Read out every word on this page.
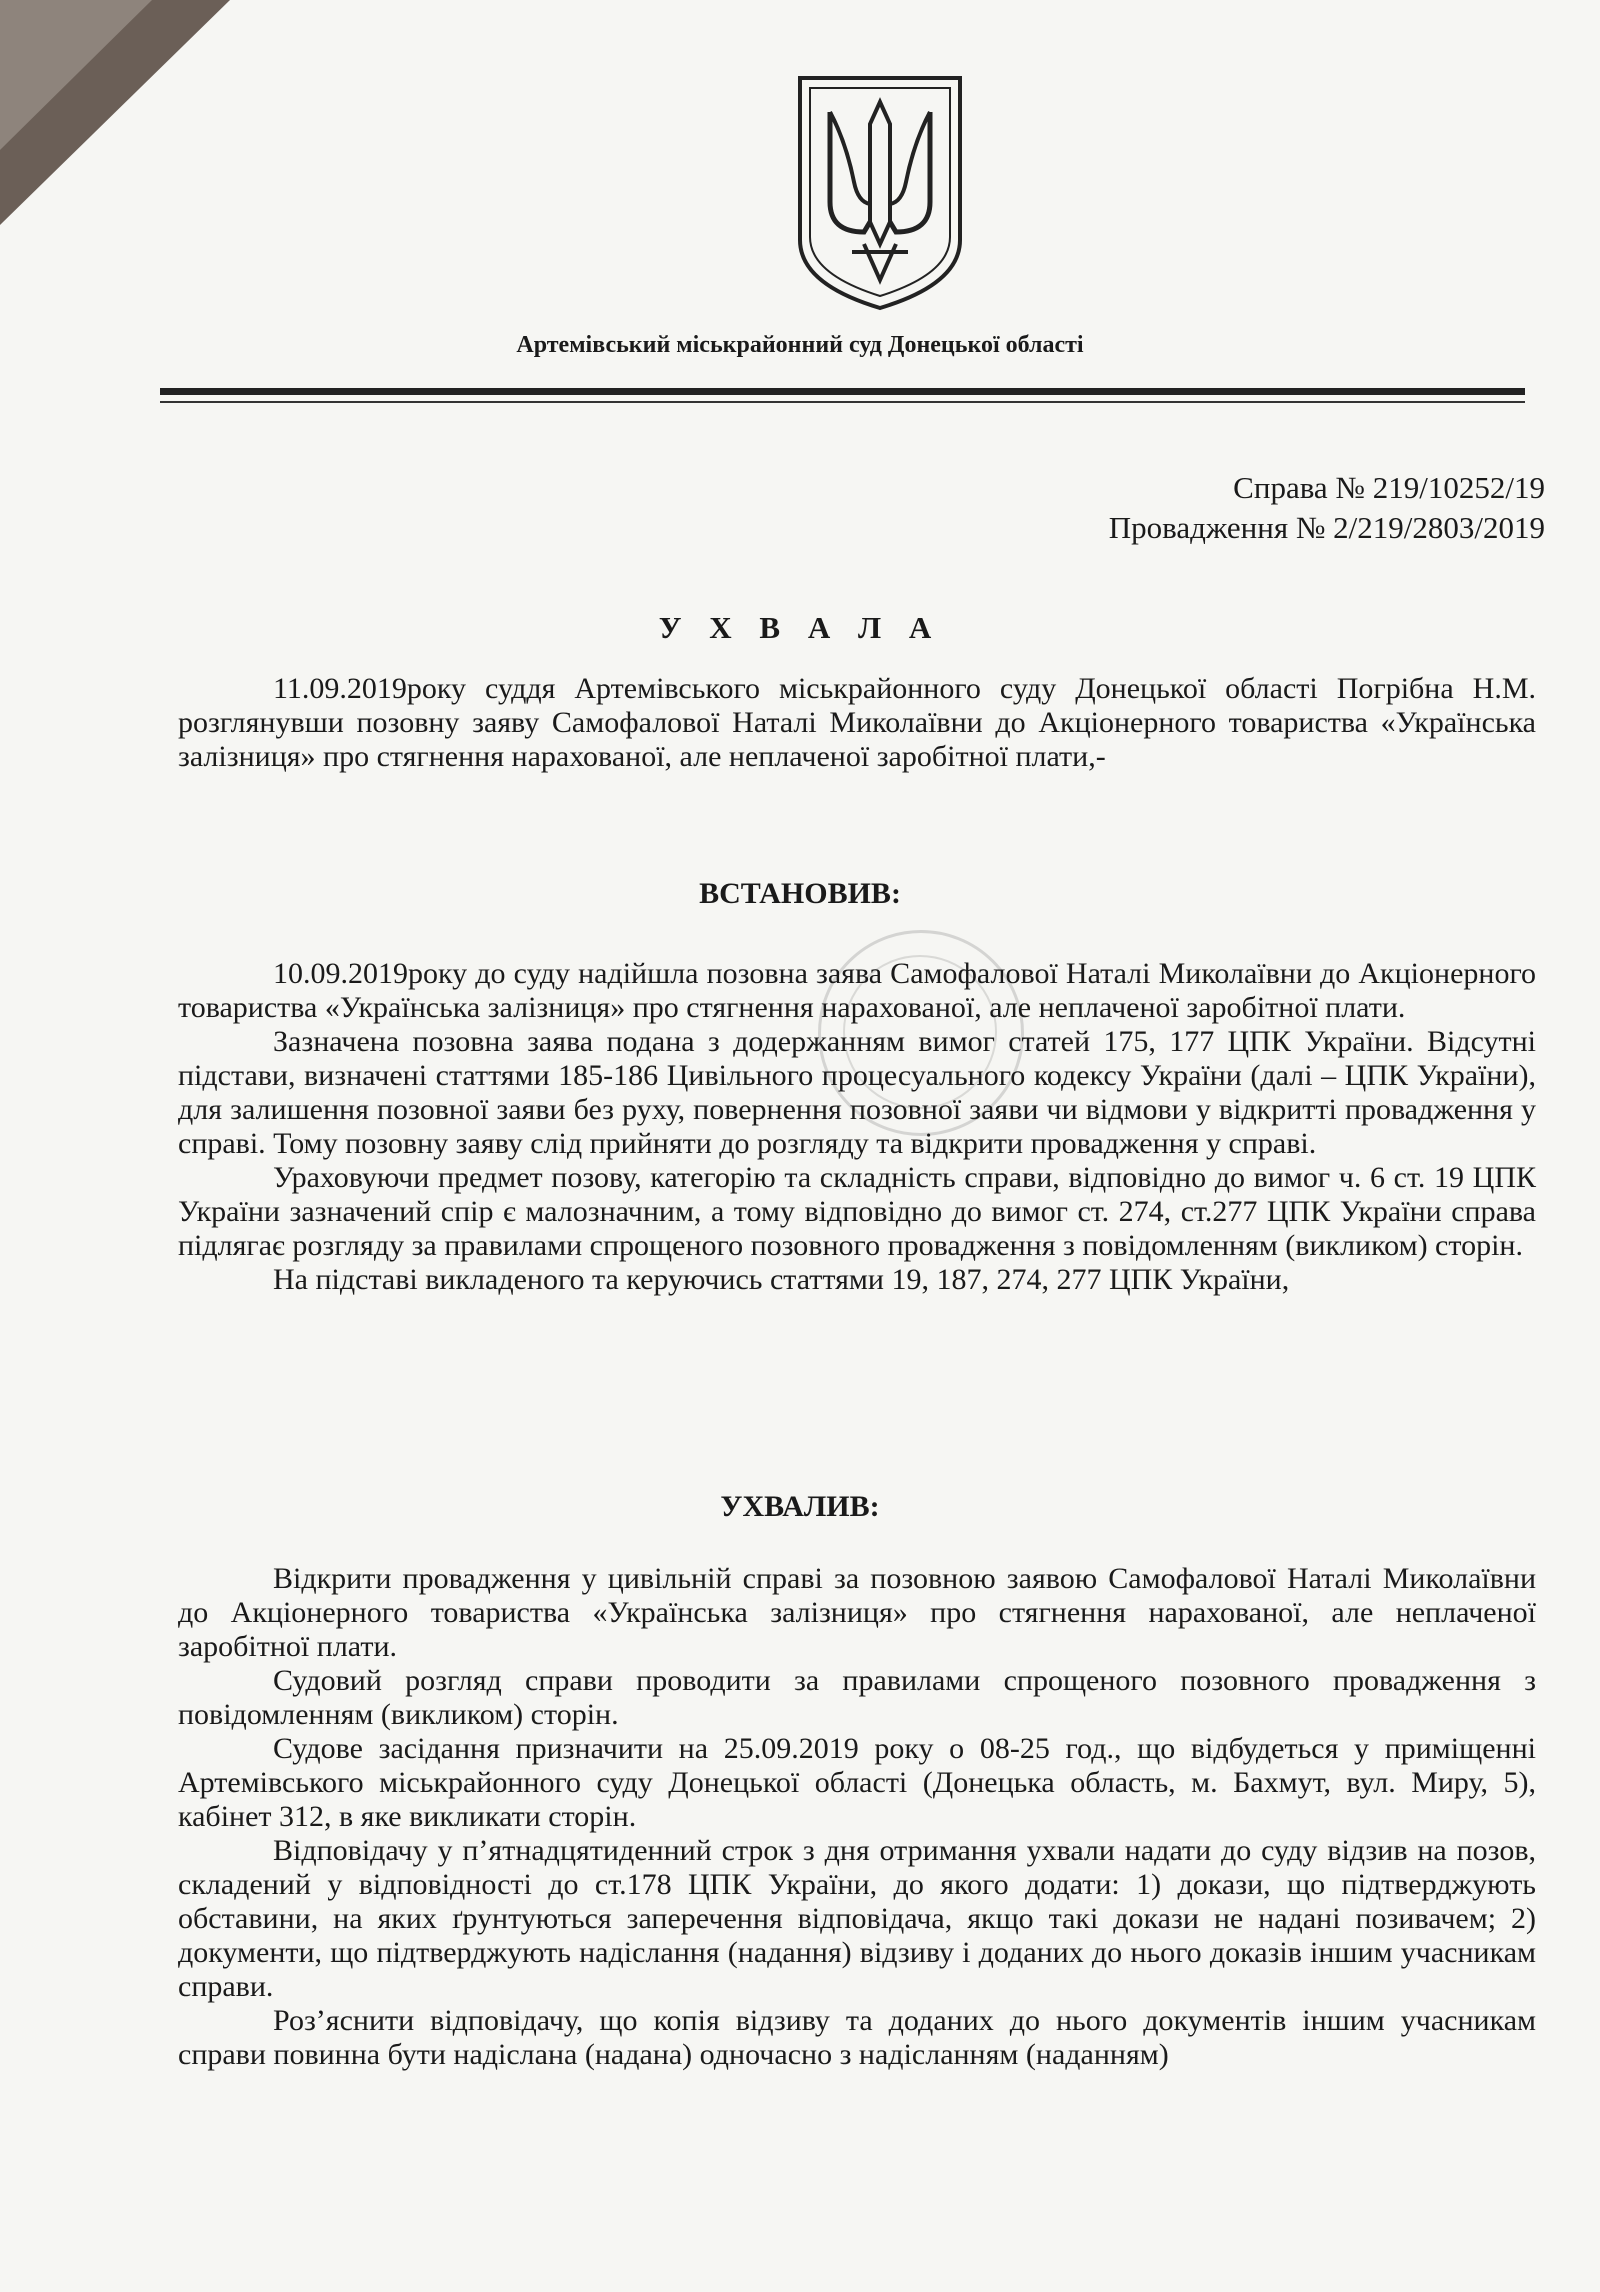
Артемівський міськрайонний суд Донецької області
Справа № 219/10252/19
Провадження № 2/219/2803/2019
У Х В А Л А

11.09.2019року суддя Артемівського міськрайонного суду Донецької області Погрібна Н.М. розглянувши позовну заяву Самофалової Наталі Миколаївни до Акціонерного товариства «Українська залізниця» про стягнення нарахованої, але неплаченої заробітної плати,-

ВСТАНОВИВ:

10.09.2019року до суду надійшла позовна заява Самофалової Наталі Миколаївни до Акціонерного товариства «Українська залізниця» про стягнення нарахованої, але неплаченої заробітної плати.

Зазначена позовна заява подана з додержанням вимог статей 175, 177 ЦПК України. Відсутні підстави, визначені статтями 185-186 Цивільного процесуального кодексу України (далі – ЦПК України), для залишення позовної заяви без руху, повернення позовної заяви чи відмови у відкритті провадження у справі. Тому позовну заяву слід прийняти до розгляду та відкрити провадження у справі.

Ураховуючи предмет позову, категорію та складність справи, відповідно до вимог ч. 6 ст. 19 ЦПК України зазначений спір є малозначним, а тому відповідно до вимог ст. 274, ст.277 ЦПК України справа підлягає розгляду за правилами спрощеного позовного провадження з повідомленням (викликом) сторін.

На підставі викладеного та керуючись статтями 19, 187, 274, 277 ЦПК України,

УХВАЛИВ:

Відкрити провадження у цивільній справі за позовною заявою Самофалової Наталі Миколаївни до Акціонерного товариства «Українська залізниця» про стягнення нарахованої, але неплаченої заробітної плати.

Судовий розгляд справи проводити за правилами спрощеного позовного провадження з повідомленням (викликом) сторін.

Судове засідання призначити на 25.09.2019 року о 08-25 год., що відбудеться у приміщенні Артемівського міськрайонного суду Донецької області (Донецька область, м. Бахмут, вул. Миру, 5), кабінет 312, в яке викликати сторін.

Відповідачу у п’ятнадцятиденний строк з дня отримання ухвали надати до суду відзив на позов, складений у відповідності до ст.178 ЦПК України, до якого додати: 1) докази, що підтверджують обставини, на яких ґрунтуються заперечення відповідача, якщо такі докази не надані позивачем; 2) документи, що підтверджують надіслання (надання) відзиву і доданих до нього доказів іншим учасникам справи.

Роз’яснити відповідачу, що копія відзиву та доданих до нього документів іншим учасникам справи повинна бути надіслана (надана) одночасно з надісланням (наданням)
